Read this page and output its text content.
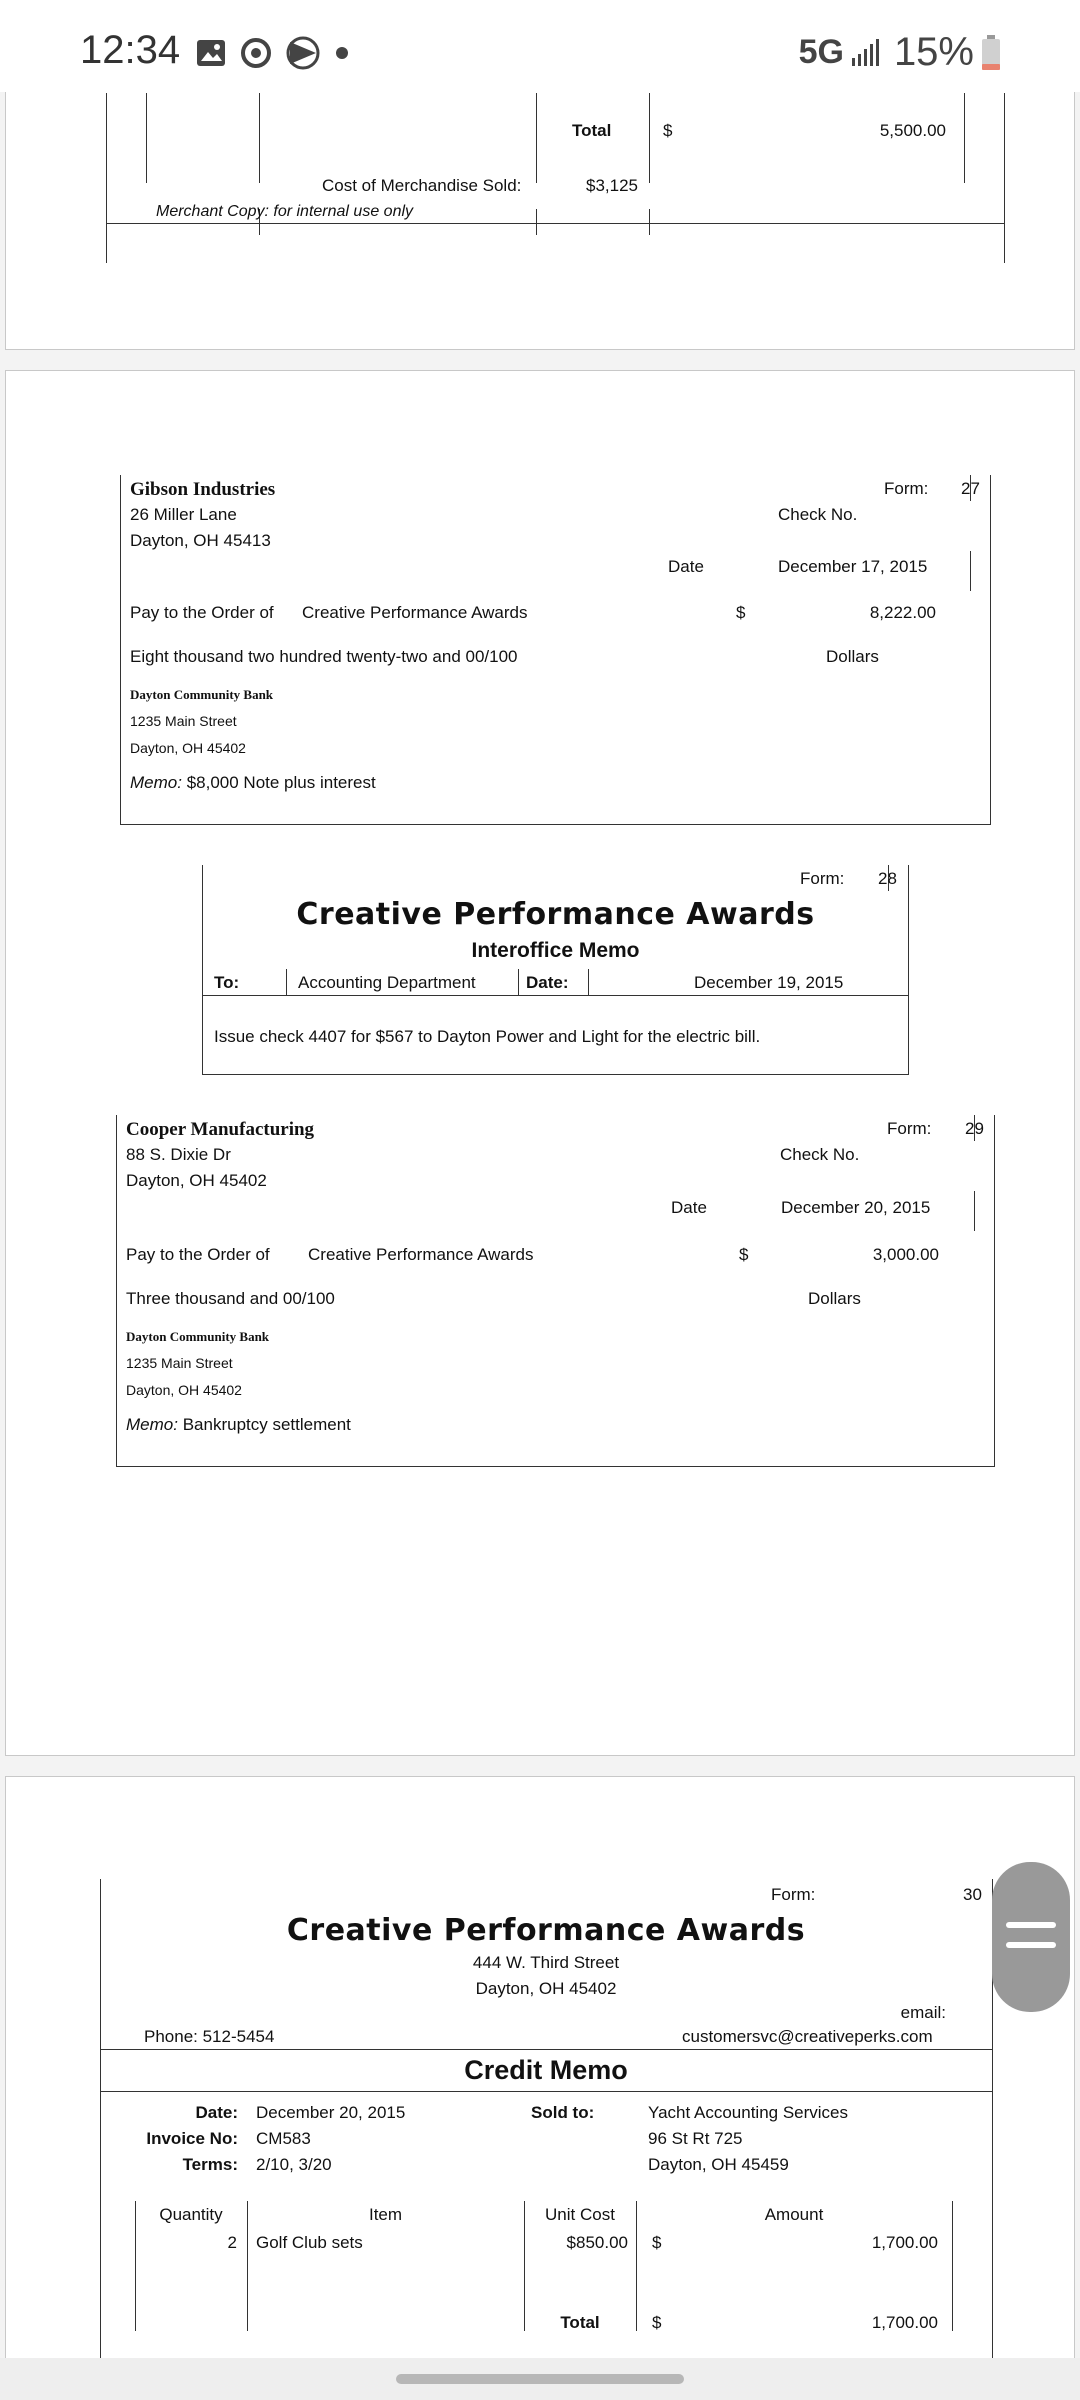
12:34	5G 15%
Total	$	5,500.00
Cost of Merchandise Sold:	$3,125
Merchant Copy: for internal use only
Gibson Industries
26 Miller Lane
Dayton, OH 45413
Form: 27
Check No.
Date	December 17, 2015
Pay to the Order of Creative Performance Awards	$	8,222.00
Eight thousand two hundred twenty-two and 00/100	Dollars
Dayton Community Bank
1235 Main Street
Dayton, OH 45402
Memo: $8,000 Note plus interest
Form: 28
Creative Performance Awards
Interoffice Memo
To:	Accounting Department	Date:	December 19, 2015
Issue check 4407 for $567 to Dayton Power and Light for the electric bill.
Cooper Manufacturing
88 S. Dixie Dr
Dayton, OH 45402
Form: 29
Check No.
Date	December 20, 2015
Pay to the Order of Creative Performance Awards	$	3,000.00
Three thousand and 00/100	Dollars
Dayton Community Bank
1235 Main Street
Dayton, OH 45402
Memo: Bankruptcy settlement
Form:	30
Creative Performance Awards
444 W. Third Street
Dayton, OH 45402
email:
Phone: 512-5454	customersvc@creativeperks.com
Credit Memo
Date: December 20, 2015
Invoice No: CM583
Terms: 2/10, 3/20
Sold to:	Yacht Accounting Services
96 St Rt 725
Dayton, OH 45459
Quantity	Item	Unit Cost	Amount
2 Golf Club sets	$850.00 $	1,700.00
Total	$	1,700.00
